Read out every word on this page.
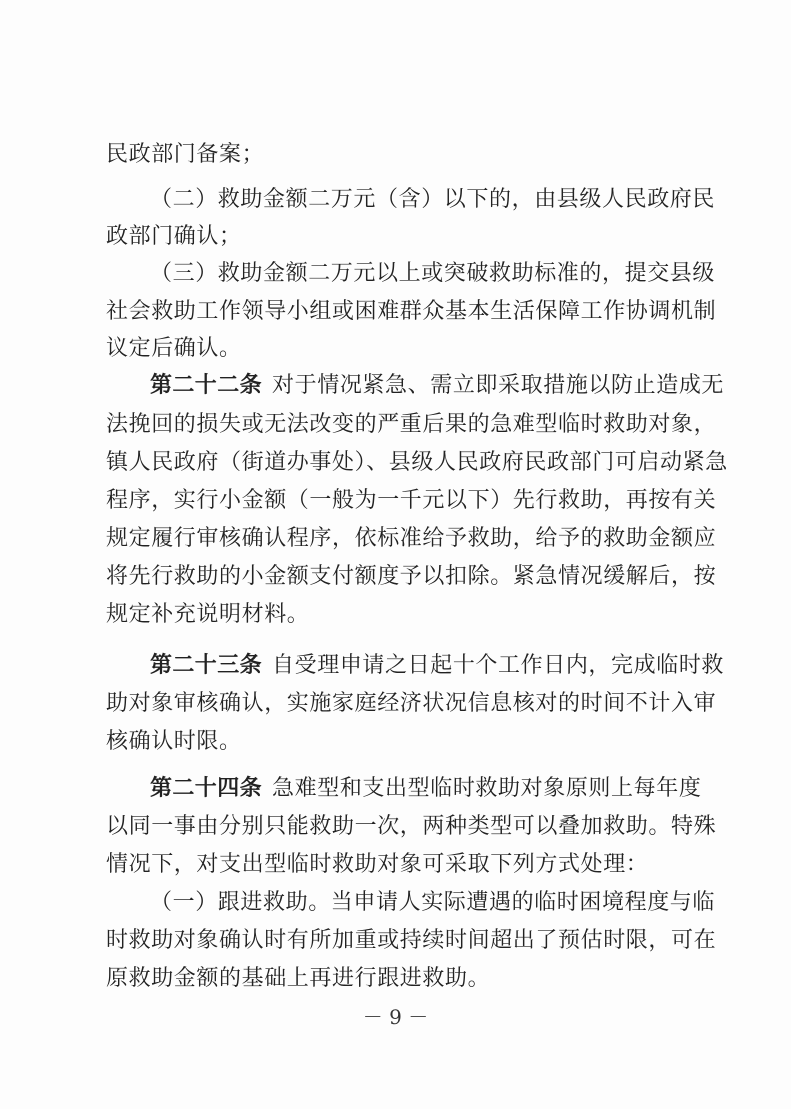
民政部门备案；
（二）救助金额二万元（含）以下的，由县级人民政府民
政部门确认；
（三）救助金额二万元以上或突破救助标准的，提交县级
社会救助工作领导小组或困难群众基本生活保障工作协调机制
议定后确认。
第二十二条 对于情况紧急、需立即采取措施以防止造成无
法挽回的损失或无法改变的严重后果的急难型临时救助对象，
镇人民政府（街道办事处）、县级人民政府民政部门可启动紧急
程序，实行小金额（一般为一千元以下）先行救助，再按有关
规定履行审核确认程序，依标准给予救助，给予的救助金额应
将先行救助的小金额支付额度予以扣除。紧急情况缓解后，按
规定补充说明材料。
第二十三条 自受理申请之日起十个工作日内，完成临时救
助对象审核确认，实施家庭经济状况信息核对的时间不计入审
核确认时限。
第二十四条 急难型和支出型临时救助对象原则上每年度
以同一事由分别只能救助一次，两种类型可以叠加救助。特殊
情况下，对支出型临时救助对象可采取下列方式处理：
（一）跟进救助。当申请人实际遭遇的临时困境程度与临
时救助对象确认时有所加重或持续时间超出了预估时限，可在
原救助金额的基础上再进行跟进救助。
－ 9 －
